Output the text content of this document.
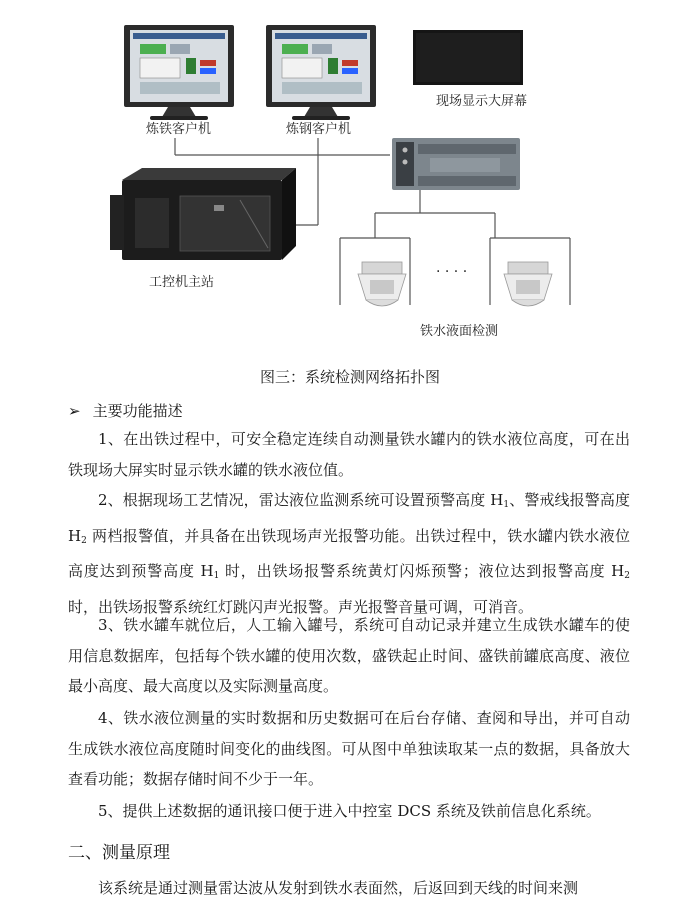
炼铁客户机	炼钢客户机
现场显示大屏幕
工控机主站
铁水液面检测
· · · ·
图三：系统检测网络拓扑图
➢ 主要功能描述

1、在出铁过程中，可安全稳定连续自动测量铁水罐内的铁水液位高度，可在出铁现场大屏实时显示铁水罐的铁水液位值。

2、根据现场工艺情况，雷达液位监测系统可设置预警高度 $H_1$、警戒线报警高度 $H_2$ 两档报警值，并具备在出铁现场声光报警功能。出铁过程中，铁水罐内铁水液位高度达到预警高度 $H_1$ 时，出铁场报警系统黄灯闪烁预警；液位达到报警高度 $H_2$ 时，出铁场报警系统红灯跳闪声光报警。声光报警音量可调，可消音。

3、铁水罐车就位后，人工输入罐号，系统可自动记录并建立生成铁水罐车的使用信息数据库，包括每个铁水罐的使用次数，盛铁起止时间、盛铁前罐底高度、液位最小高度、最大高度以及实际测量高度。

4、铁水液位测量的实时数据和历史数据可在后台存储、查阅和导出，并可自动生成铁水液位高度随时间变化的曲线图。可从图中单独读取某一点的数据，具备放大查看功能；数据存储时间不少于一年。

5、提供上述数据的通讯接口便于进入中控室 DCS 系统及铁前信息化系统。

二、测量原理

该系统是通过测量雷达波从发射到铁水表面然，后返回到天线的时间来测
